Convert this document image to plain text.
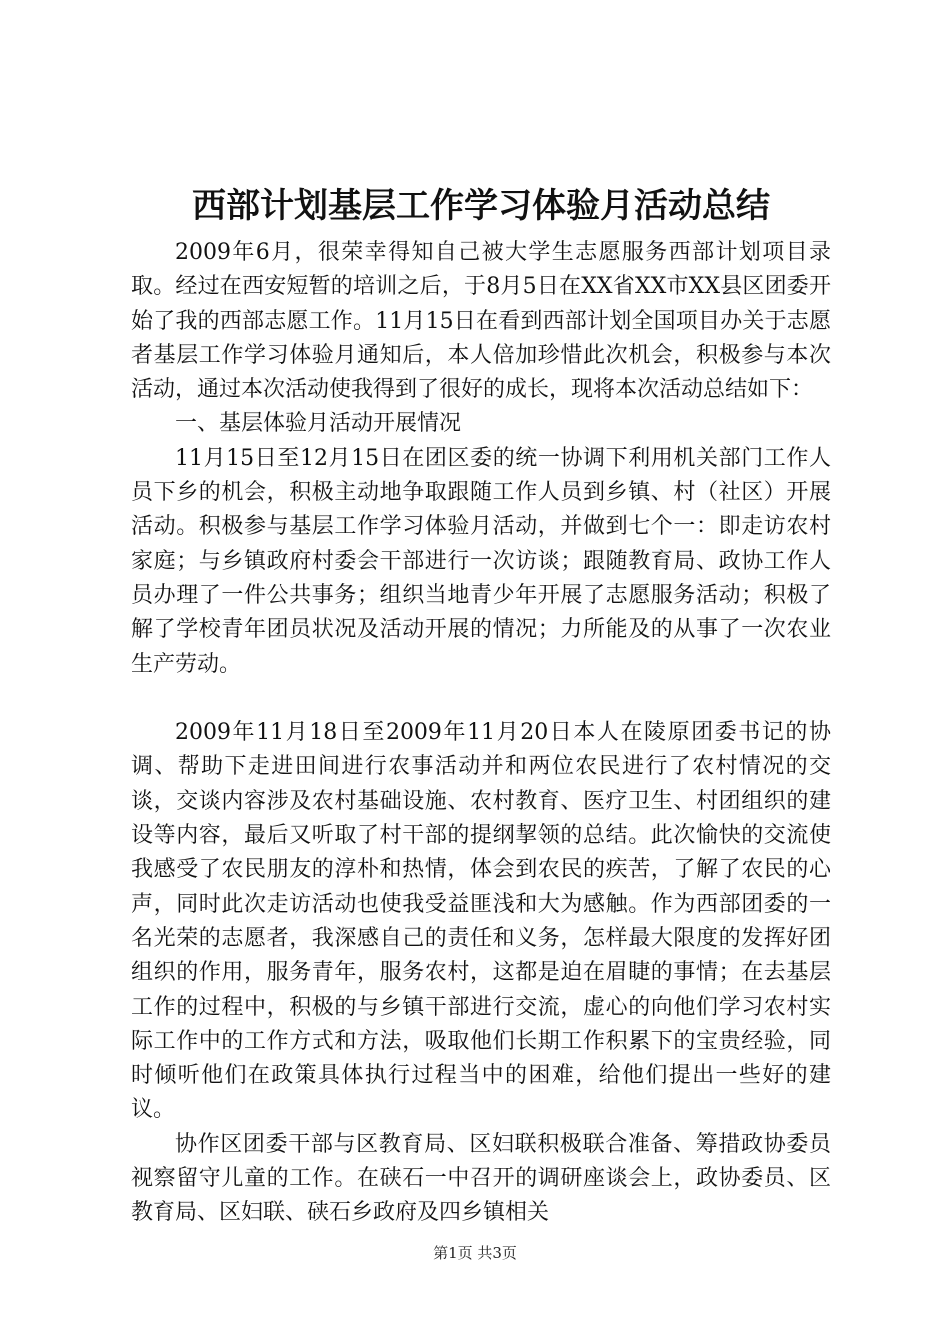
西部计划基层工作学习体验月活动总结

2009年6月，很荣幸得知自己被大学生志愿服务西部计划项目录取。经过在西安短暂的培训之后，于8月5日在XX省XX市XX县区团委开始了我的西部志愿工作。11月15日在看到西部计划全国项目办关于志愿者基层工作学习体验月通知后，本人倍加珍惜此次机会，积极参与本次活动，通过本次活动使我得到了很好的成长，现将本次活动总结如下：

一、基层体验月活动开展情况

11月15日至12月15日在团区委的统一协调下利用机关部门工作人员下乡的机会，积极主动地争取跟随工作人员到乡镇、村（社区）开展活动。积极参与基层工作学习体验月活动，并做到七个一：即走访农村家庭；与乡镇政府村委会干部进行一次访谈；跟随教育局、政协工作人员办理了一件公共事务；组织当地青少年开展了志愿服务活动；积极了解了学校青年团员状况及活动开展的情况；力所能及的从事了一次农业生产劳动。

2009年11月18日至2009年11月20日本人在陵原团委书记的协调、帮助下走进田间进行农事活动并和两位农民进行了农村情况的交谈，交谈内容涉及农村基础设施、农村教育、医疗卫生、村团组织的建设等内容，最后又听取了村干部的提纲挈领的总结。此次愉快的交流使我感受了农民朋友的淳朴和热情，体会到农民的疾苦，了解了农民的心声，同时此次走访活动也使我受益匪浅和大为感触。作为西部团委的一名光荣的志愿者，我深感自己的责任和义务，怎样最大限度的发挥好团组织的作用，服务青年，服务农村，这都是迫在眉睫的事情；在去基层工作的过程中，积极的与乡镇干部进行交流，虚心的向他们学习农村实际工作中的工作方式和方法，吸取他们长期工作积累下的宝贵经验，同时倾听他们在政策具体执行过程当中的困难，给他们提出一些好的建议。

协作区团委干部与区教育局、区妇联积极联合准备、筹措政协委员视察留守儿童的工作。在硖石一中召开的调研座谈会上，政协委员、区教育局、区妇联、硖石乡政府及四乡镇相关

第1页 共3页
